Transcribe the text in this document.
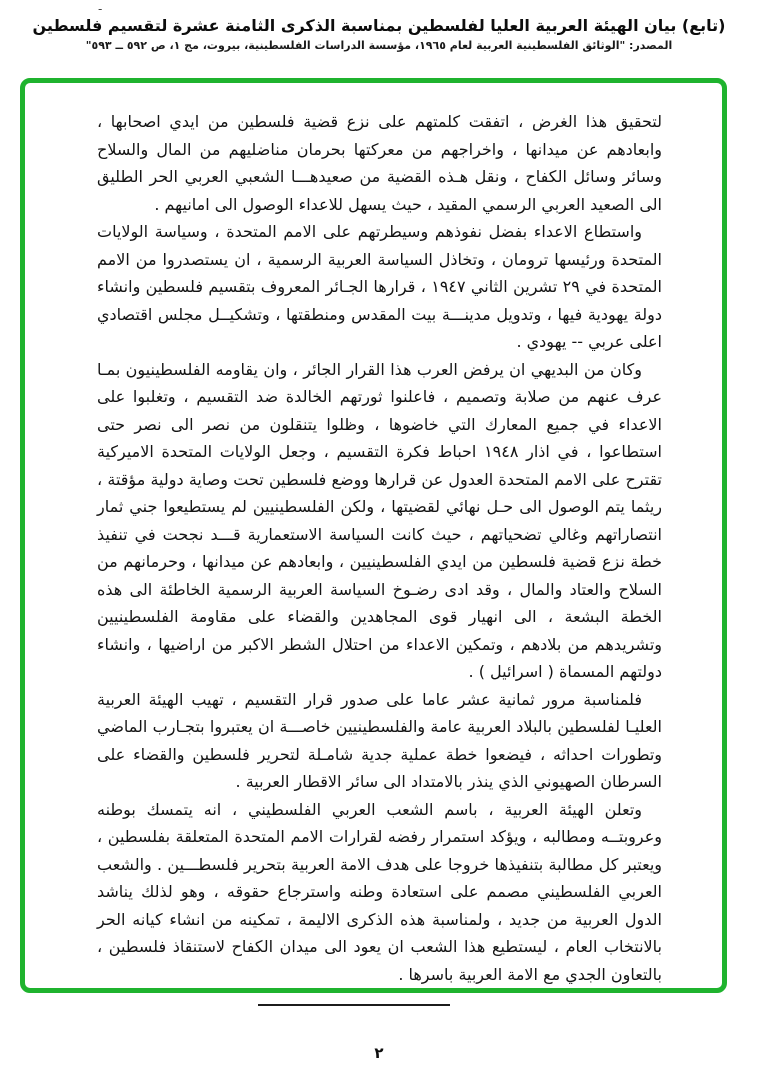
-

(تابع) بيان الهيئة العربية العليا لفلسطين بمناسبة الذكرى الثامنة عشرة لتقسيم فلسطين

المصدر: "الوثائق الفلسطينية العربية لعام ١٩٦٥، مؤسسة الدراسات الفلسطينية، بيروت، مج ١، ص ٥٩٢ ــ ٥٩٣"

لتحقيق هذا الغرض ، اتفقت كلمتهم على نزع قضية فلسطين من ايدي اصحابها ، وابعادهم عن ميدانها ، واخراجهم من معركتها بحرمان مناضليهم من المال والسلاح وسائر وسائل الكفاح ، ونقل هـذه القضية من صعيدهـــا الشعبي العربي الحر الطليق الى الصعيد العربي الرسمي المقيد ، حيث يسهل للاعداء الوصول الى امانيهم .

واستطاع الاعداء بفضل نفوذهم وسيطرتهم على الامم المتحدة ، وسياسة الولايات المتحدة ورئيسها ترومان ، وتخاذل السياسة العربية الرسمية ، ان يستصدروا من الامم المتحدة في ٢٩ تشرين الثاني ١٩٤٧ ، قرارها الجـائر المعروف بتقسيم فلسطين وانشاء دولة يهودية فيها ، وتدويل مدينـــة بيت المقدس ومنطقتها ، وتشكيــل مجلس اقتصادي اعلى عربي -- يهودي .

وكان من البديهي ان يرفض العرب هذا القرار الجائر ، وان يقاومه الفلسطينيون بمـا عرف عنهم من صلابة وتصميم ، فاعلنوا ثورتهم الخالدة ضد التقسيم ، وتغلبوا على الاعداء في جميع المعارك التي خاضوها ، وظلوا يتنقلون من نصر الى نصر حتى استطاعوا ، في اذار ١٩٤٨ احباط فكرة التقسيم ، وجعل الولايات المتحدة الاميركية تقترح على الامم المتحدة العدول عن قرارها ووضع فلسطين تحت وصاية دولية مؤقتة ، ريثما يتم الوصول الى حـل نهائي لقضيتها ، ولكن الفلسطينيين لم يستطيعوا جني ثمار انتصاراتهم وغالي تضحياتهم ، حيث كانت السياسة الاستعمارية قـــد نجحت في تنفيذ خطة نزع قضية فلسطين من ايدي الفلسطينيين ، وابعادهم عن ميدانها ، وحرمانهم من السلاح والعتاد والمال ، وقد ادى رضـوخ السياسة العربية الرسمية الخاطئة الى هذه الخطة البشعة ، الى انهيار قوى المجاهدين والقضاء على مقاومة الفلسطينيين وتشريدهم من بلادهم ، وتمكين الاعداء من احتلال الشطر الاكبر من اراضيها ، وانشاء دولتهم المسماة ( اسرائيل ) .

فلمناسبة مرور ثمانية عشر عاما على صدور قرار التقسيم ، تهيب الهيئة العربية العليـا لفلسطين بالبلاد العربية عامة والفلسطينيين خاصـــة ان يعتبروا بتجـارب الماضي وتطورات احداثه ، فيضعوا خطة عملية جدية شامـلة لتحرير فلسطين والقضاء على السرطان الصهيوني الذي ينذر بالامتداد الى سائر الاقطار العربية .

وتعلن الهيئة العربية ، باسم الشعب العربي الفلسطيني ، انه يتمسك بوطنه وعروبتــه ومطالبه ، ويؤكد استمرار رفضه لقرارات الامم المتحدة المتعلقة بفلسطين ، ويعتبر كل مطالبة بتنفيذها خروجا على هدف الامة العربية بتحرير فلسطـــين . والشعب العربي الفلسطيني مصمم على استعادة وطنه واسترجاع حقوقه ، وهو لذلك يناشد الدول العربية من جديد ، ولمناسبة هذه الذكرى الاليمة ، تمكينه من انشاء كيانه الحر بالانتخاب العام ، ليستطيع هذا الشعب ان يعود الى ميدان الكفاح لاستنقاذ فلسطين ، بالتعاون الجدي مع الامة العربية باسرها .

٢
